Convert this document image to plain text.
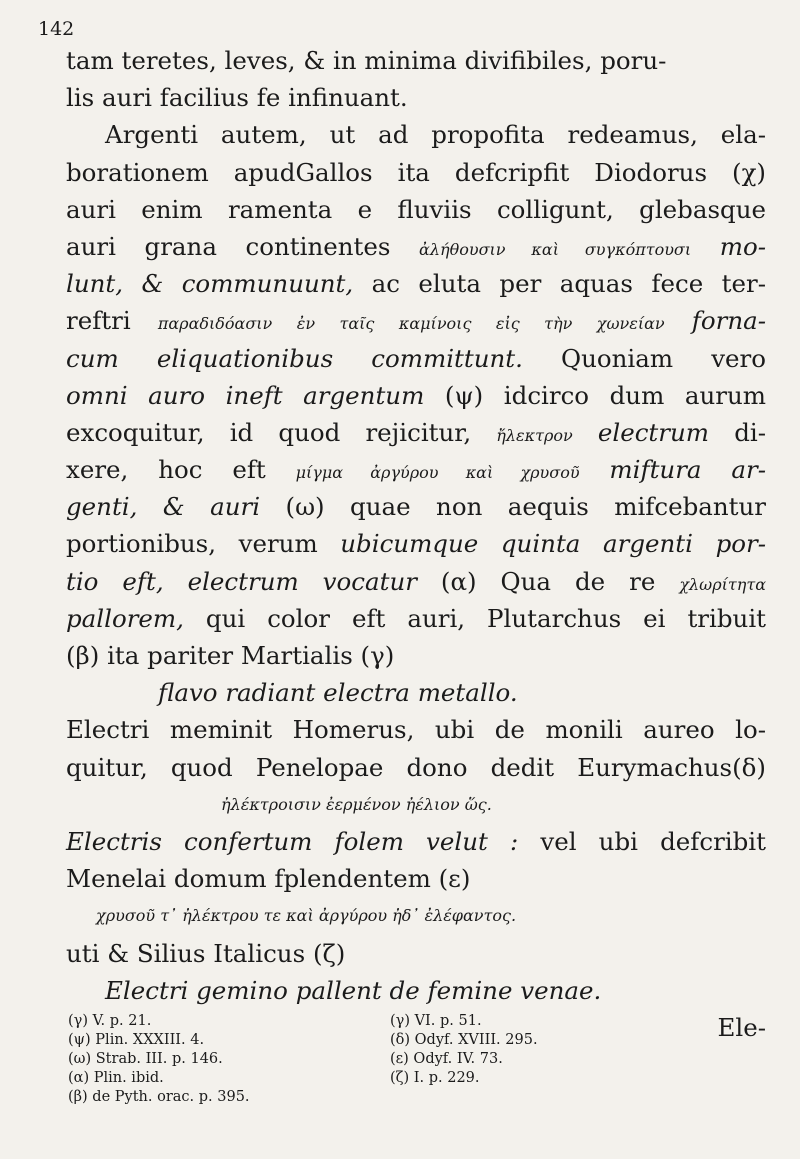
142
tam teretes, leves, & in minima divifibiles, poru-
lis auri facilius fe infinuant.
Argenti autem, ut ad propofita redeamus, ela-
borationem apudGallos ita defcripfit Diodorus (χ)
auri enim ramenta e fluviis colligunt, glebasque
auri grana continentes ἀλήθουσιν καὶ συγκόπτουσι mo-
lunt, & communuunt, ac eluta per aquas fece ter-
reftri παραδιδόασιν ἐν ταῖς καμίνοις εἰς τὴν χωνείαν forna-
cum eliquationibus committunt. Quoniam vero
omni auro ineft argentum (ψ) idcirco dum aurum
excoquitur, id quod rejicitur, ἤλεκτρον electrum di-
xere, hoc eft μίγμα ἀργύρου καὶ χρυσοῦ miftura ar-
genti, & auri (ω) quae non aequis mifcebantur
portionibus, verum ubicumque quinta argenti por-
tio eft, electrum vocatur (α) Qua de re χλωρίτητα
pallorem, qui color eft auri, Plutarchus ei tribuit
(β) ita pariter Martialis (γ)
flavo radiant electra metallo.
Electri meminit Homerus, ubi de monili aureo lo-
quitur, quod Penelopae dono dedit Eurymachus(δ)
ἠλέκτροισιν ἐερμένον ἠέλιον ὥς.
Electris confertum folem velut : vel ubi defcribit
Menelai domum fplendentem (ε)
χρυσοῦ τ᾽ ἠλέκτρου τε καὶ ἀργύρου ἠδ᾽ ἐλέφαντος.
uti & Silius Italicus (ζ)
Electri gemino pallent de femine venae.
Ele-
(γ) V. p. 21.	(γ) VI. p. 51.
(ψ) Plin. XXXIII. 4.	(δ) Odyf. XVIII. 295.
(ω) Strab. III. p. 146.	(ε) Odyf. IV. 73.
(α) Plin. ibid.	(ζ) I. p. 229.
(β) de Pyth. orac. p. 395.
